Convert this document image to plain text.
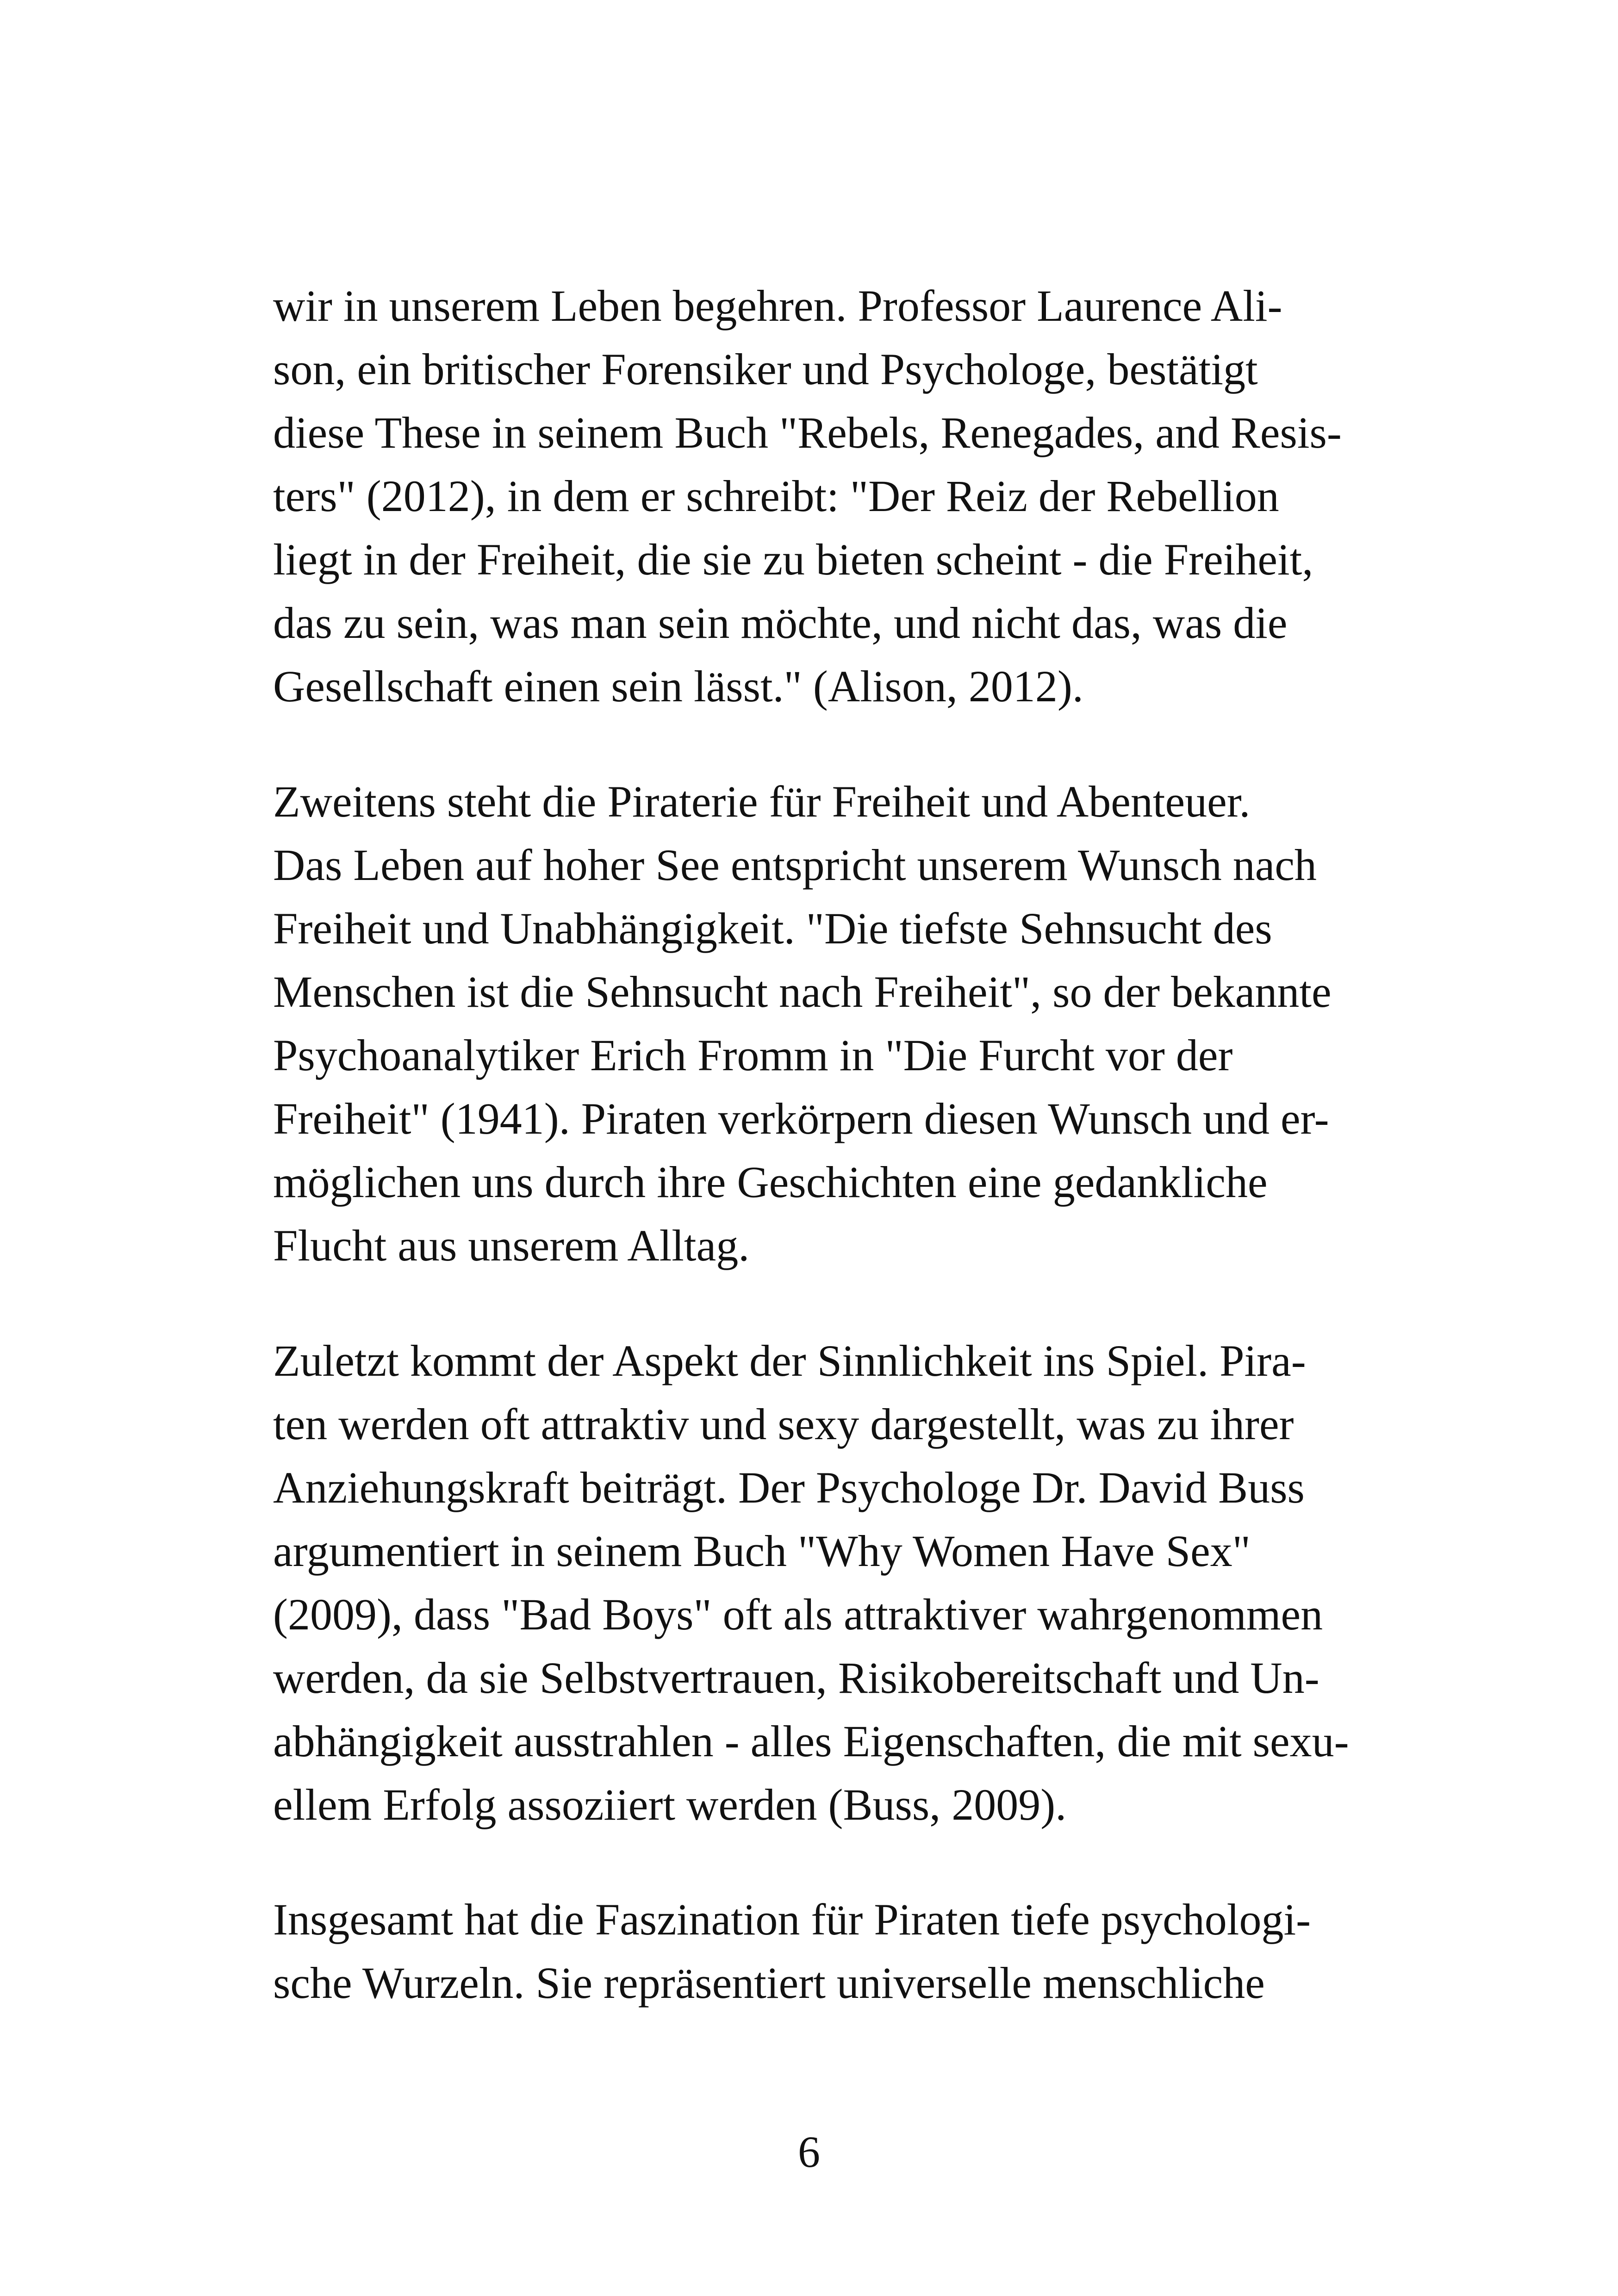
wir in unserem Leben begehren. Professor Laurence Ali-
son, ein britischer Forensiker und Psychologe, bestätigt
diese These in seinem Buch "Rebels, Renegades, and Resis-
ters" (2012), in dem er schreibt: "Der Reiz der Rebellion
liegt in der Freiheit, die sie zu bieten scheint - die Freiheit,
das zu sein, was man sein möchte, und nicht das, was die
Gesellschaft einen sein lässt." (Alison, 2012).
Zweitens steht die Piraterie für Freiheit und Abenteuer.
Das Leben auf hoher See entspricht unserem Wunsch nach
Freiheit und Unabhängigkeit. "Die tiefste Sehnsucht des
Menschen ist die Sehnsucht nach Freiheit", so der bekannte
Psychoanalytiker Erich Fromm in "Die Furcht vor der
Freiheit" (1941). Piraten verkörpern diesen Wunsch und er-
möglichen uns durch ihre Geschichten eine gedankliche
Flucht aus unserem Alltag.
Zuletzt kommt der Aspekt der Sinnlichkeit ins Spiel. Pira-
ten werden oft attraktiv und sexy dargestellt, was zu ihrer
Anziehungskraft beiträgt. Der Psychologe Dr. David Buss
argumentiert in seinem Buch "Why Women Have Sex"
(2009), dass "Bad Boys" oft als attraktiver wahrgenommen
werden, da sie Selbstvertrauen, Risikobereitschaft und Un-
abhängigkeit ausstrahlen - alles Eigenschaften, die mit sexu-
ellem Erfolg assoziiert werden (Buss, 2009).
Insgesamt hat die Faszination für Piraten tiefe psychologi-
sche Wurzeln. Sie repräsentiert universelle menschliche
6
